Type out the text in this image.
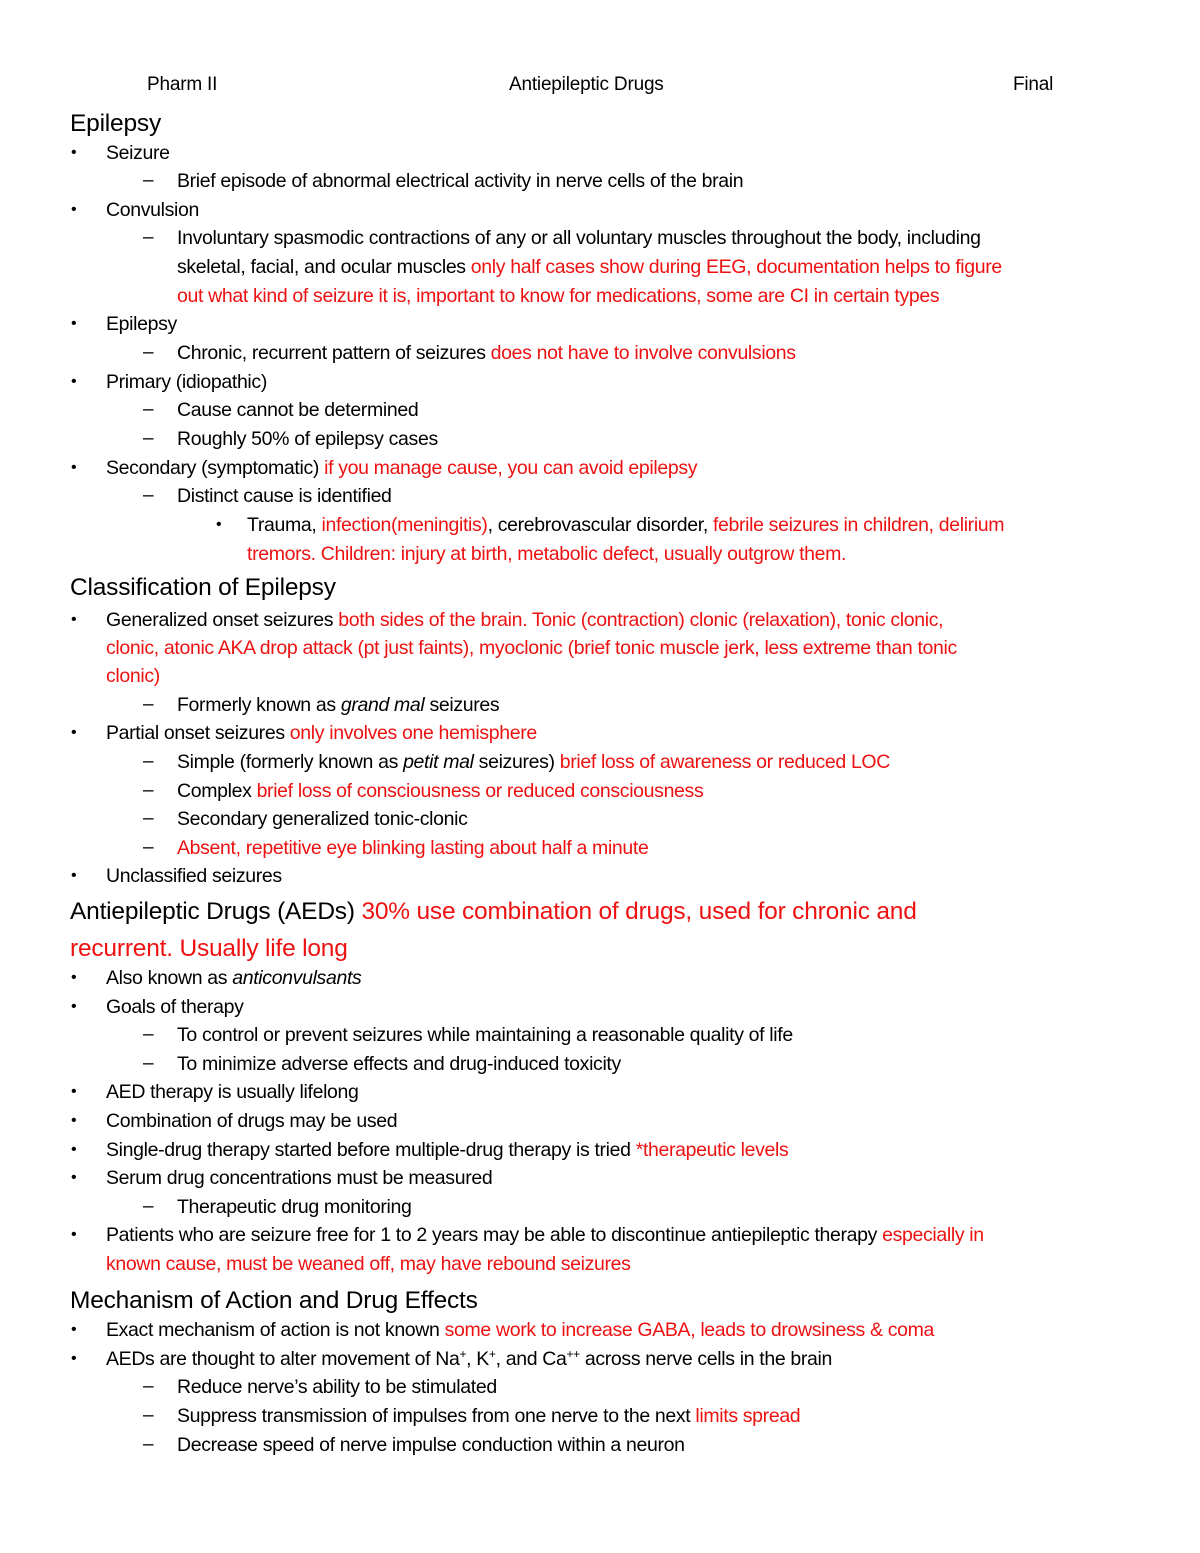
Pharm II	Antiepileptic Drugs	Final
Epilepsy
• Seizure
– Brief episode of abnormal electrical activity in nerve cells of the brain
• Convulsion
– Involuntary spasmodic contractions of any or all voluntary muscles throughout the body, including
skeletal, facial, and ocular muscles only half cases show during EEG, documentation helps to figure
out what kind of seizure it is, important to know for medications, some are CI in certain types
• Epilepsy
– Chronic, recurrent pattern of seizures does not have to involve convulsions
• Primary (idiopathic)
– Cause cannot be determined
– Roughly 50% of epilepsy cases
• Secondary (symptomatic) if you manage cause, you can avoid epilepsy
– Distinct cause is identified
• Trauma, infection(meningitis), cerebrovascular disorder, febrile seizures in children, delirium
tremors. Children: injury at birth, metabolic defect, usually outgrow them.
Classification of Epilepsy
• Generalized onset seizures both sides of the brain. Tonic (contraction) clonic (relaxation), tonic clonic,
clonic, atonic AKA drop attack (pt just faints), myoclonic (brief tonic muscle jerk, less extreme than tonic
clonic)
– Formerly known as grand mal seizures
• Partial onset seizures only involves one hemisphere
– Simple (formerly known as petit mal seizures) brief loss of awareness or reduced LOC
– Complex brief loss of consciousness or reduced consciousness
– Secondary generalized tonic-clonic
– Absent, repetitive eye blinking lasting about half a minute
• Unclassified seizures
Antiepileptic Drugs (AEDs) 30% use combination of drugs, used for chronic and
recurrent. Usually life long
• Also known as anticonvulsants
• Goals of therapy
– To control or prevent seizures while maintaining a reasonable quality of life
– To minimize adverse effects and drug-induced toxicity
• AED therapy is usually lifelong
• Combination of drugs may be used
• Single-drug therapy started before multiple-drug therapy is tried *therapeutic levels
• Serum drug concentrations must be measured
– Therapeutic drug monitoring
• Patients who are seizure free for 1 to 2 years may be able to discontinue antiepileptic therapy especially in
known cause, must be weaned off, may have rebound seizures
Mechanism of Action and Drug Effects
• Exact mechanism of action is not known some work to increase GABA, leads to drowsiness & coma
• AEDs are thought to alter movement of Na+, K+, and Ca++ across nerve cells in the brain
– Reduce nerve’s ability to be stimulated
– Suppress transmission of impulses from one nerve to the next limits spread
– Decrease speed of nerve impulse conduction within a neuron
